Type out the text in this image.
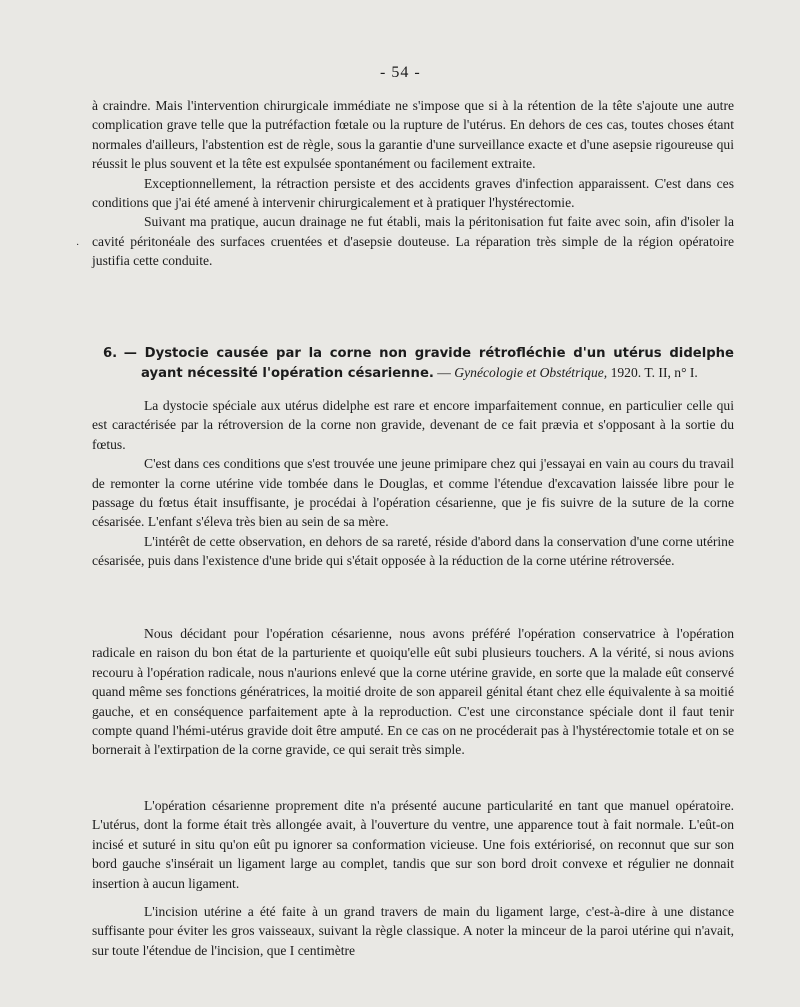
- 54 -

à craindre. Mais l'intervention chirurgicale immédiate ne s'impose que si à la rétention de la tête s'ajoute une autre complication grave telle que la putréfaction fœtale ou la rupture de l'utérus. En dehors de ces cas, toutes choses étant normales d'ailleurs, l'abstention est de règle, sous la garantie d'une surveillance exacte et d'une asepsie rigoureuse qui réussit le plus souvent et la tête est expulsée spontanément ou facilement extraite.

Exceptionnellement, la rétraction persiste et des accidents graves d'infection apparaissent. C'est dans ces conditions que j'ai été amené à intervenir chirurgicalement et à pratiquer l'hystérectomie.

Suivant ma pratique, aucun drainage ne fut établi, mais la péritonisation fut faite avec soin, afin d'isoler la cavité péritonéale des surfaces cruentées et d'asepsie douteuse. La réparation très simple de la région opératoire justifia cette conduite.

·

6. — Dystocie causée par la corne non gravide rétrofléchie d'un utérus didelphe ayant nécessité l'opération césarienne. — Gynécologie et Obstétrique, 1920. T. II, n° I.

La dystocie spéciale aux utérus didelphe est rare et encore imparfaitement connue, en particulier celle qui est caractérisée par la rétroversion de la corne non gravide, devenant de ce fait prævia et s'opposant à la sortie du fœtus.

C'est dans ces conditions que s'est trouvée une jeune primipare chez qui j'essayai en vain au cours du travail de remonter la corne utérine vide tombée dans le Douglas, et comme l'étendue d'excavation laissée libre pour le passage du fœtus était insuffisante, je procédai à l'opération césarienne, que je fis suivre de la suture de la corne césarisée. L'enfant s'éleva très bien au sein de sa mère.

L'intérêt de cette observation, en dehors de sa rareté, réside d'abord dans la conservation d'une corne utérine césarisée, puis dans l'existence d'une bride qui s'était opposée à la réduction de la corne utérine rétroversée.

Nous décidant pour l'opération césarienne, nous avons préféré l'opération conservatrice à l'opération radicale en raison du bon état de la parturiente et quoiqu'elle eût subi plusieurs touchers. A la vérité, si nous avions recouru à l'opération radicale, nous n'aurions enlevé que la corne utérine gravide, en sorte que la malade eût conservé quand même ses fonctions génératrices, la moitié droite de son appareil génital étant chez elle équivalente à sa moitié gauche, et en conséquence parfaitement apte à la reproduction. C'est une circonstance spéciale dont il faut tenir compte quand l'hémi-utérus gravide doit être amputé. En ce cas on ne procéderait pas à l'hystérectomie totale et on se bornerait à l'extirpation de la corne gravide, ce qui serait très simple.

L'opération césarienne proprement dite n'a présenté aucune particularité en tant que manuel opératoire. L'utérus, dont la forme était très allongée avait, à l'ouverture du ventre, une apparence tout à fait normale. L'eût-on incisé et suturé in situ qu'on eût pu ignorer sa conformation vicieuse. Une fois extériorisé, on reconnut que sur son bord gauche s'insérait un ligament large au complet, tandis que sur son bord droit convexe et régulier ne donnait insertion à aucun ligament.

L'incision utérine a été faite à un grand travers de main du ligament large, c'est-à-dire à une distance suffisante pour éviter les gros vaisseaux, suivant la règle classique. A noter la minceur de la paroi utérine qui n'avait, sur toute l'étendue de l'incision, que I centimètre
